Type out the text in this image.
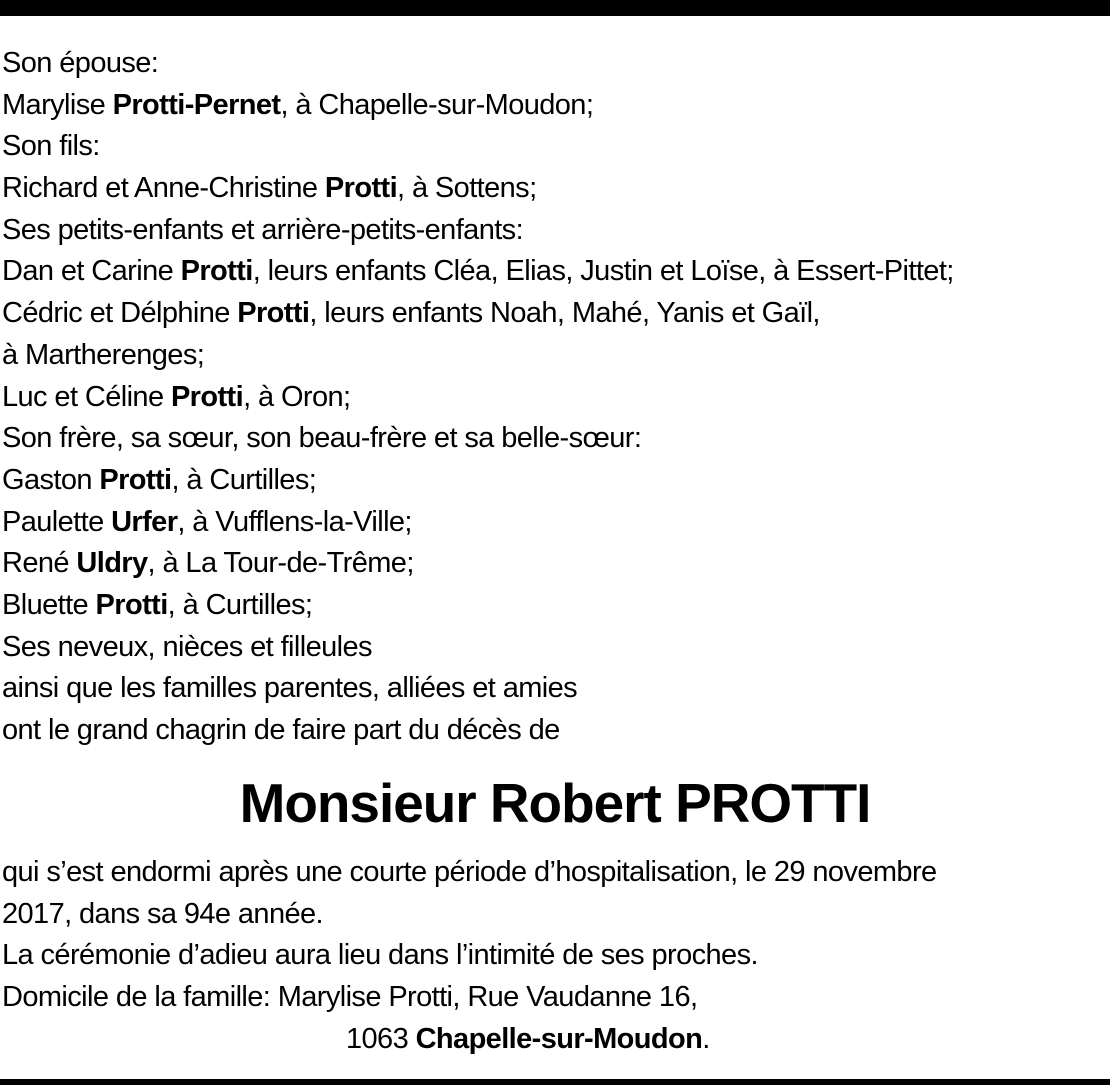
Son épouse:
Marylise Protti-Pernet, à Chapelle-sur-Moudon;
Son fils:
Richard et Anne-Christine Protti, à Sottens;
Ses petits-enfants et arrière-petits-enfants:
Dan et Carine Protti, leurs enfants Cléa, Elias, Justin et Loïse, à Essert-Pittet;
Cédric et Délphine Protti, leurs enfants Noah, Mahé, Yanis et Gaïl,
à Martherenges;
Luc et Céline Protti, à Oron;
Son frère, sa sœur, son beau-frère et sa belle-sœur:
Gaston Protti, à Curtilles;
Paulette Urfer, à Vufflens-la-Ville;
René Uldry, à La Tour-de-Trême;
Bluette Protti, à Curtilles;
Ses neveux, nièces et filleules
ainsi que les familles parentes, alliées et amies
ont le grand chagrin de faire part du décès de
Monsieur Robert PROTTI
qui s’est endormi après une courte période d’hospitalisation, le 29 novembre
2017, dans sa 94e année.
La cérémonie d’adieu aura lieu dans l’intimité de ses proches.
Domicile de la famille: Marylise Protti, Rue Vaudanne 16,
1063 Chapelle-sur-Moudon.
